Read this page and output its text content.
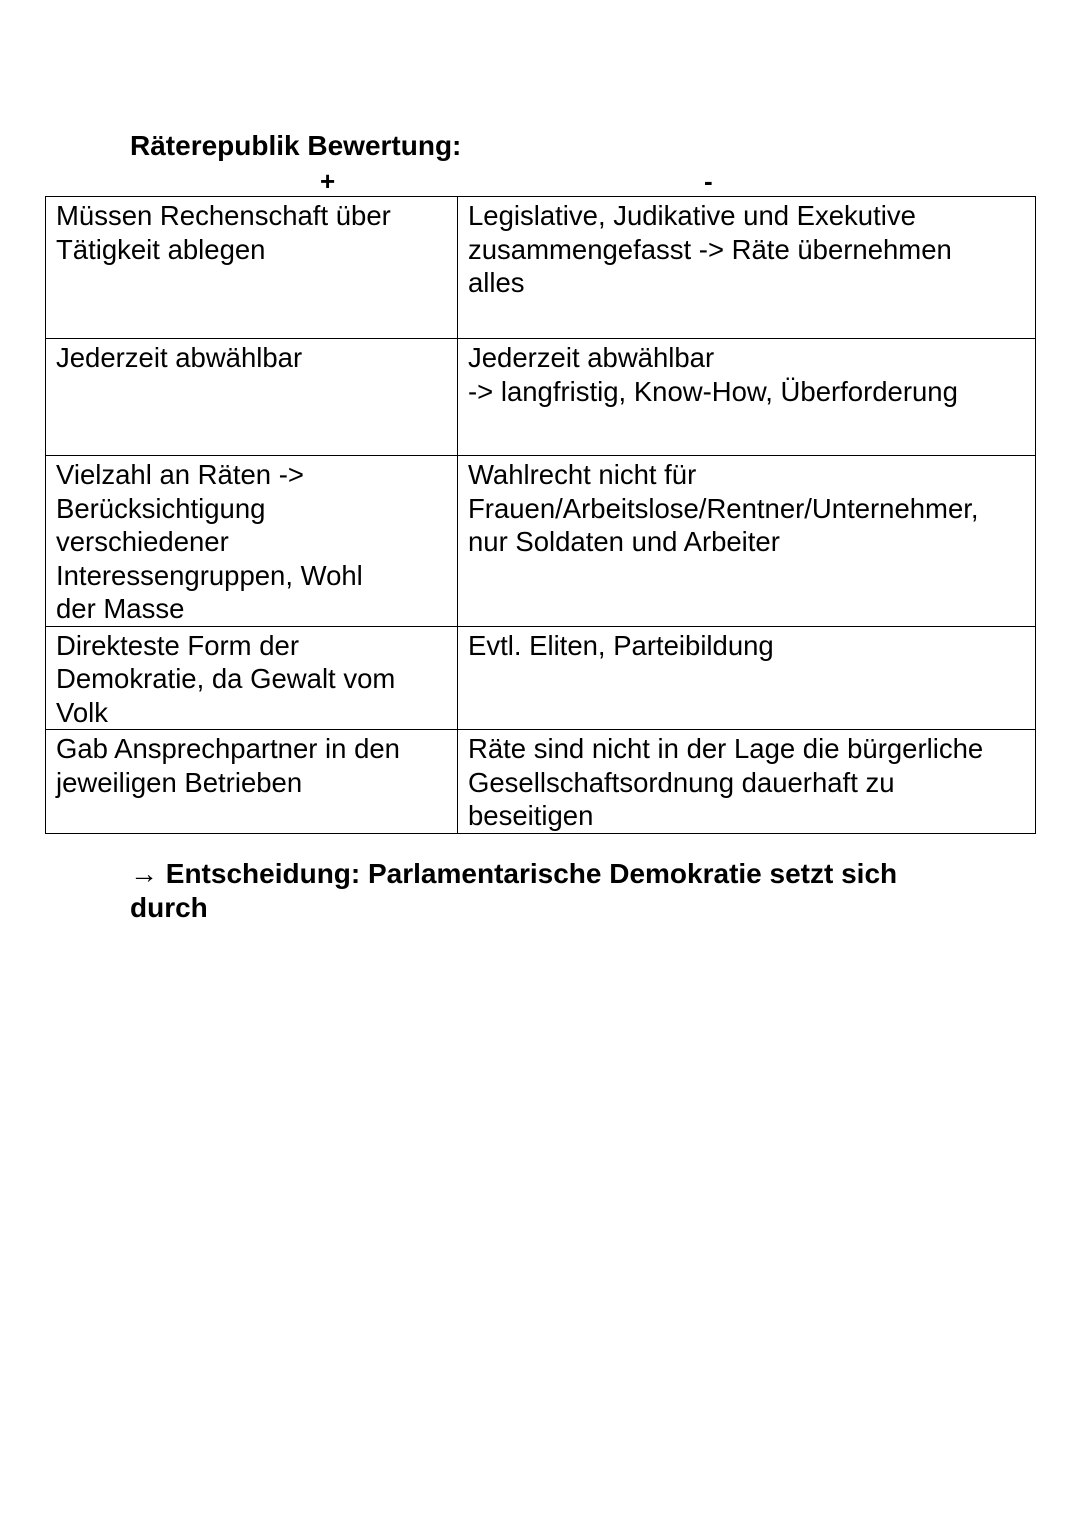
Räterepublik Bewertung:
+	-
Müssen Rechenschaft über
Tätigkeit ablegen	Legislative, Judikative und Exekutive
zusammengefasst -> Räte übernehmen
alles

Jederzeit abwählbar	Jederzeit abwählbar
-> langfristig, Know-How, Überforderung

Vielzahl an Räten ->
Berücksichtigung
verschiedener
Interessengruppen, Wohl
der Masse	Wahlrecht nicht für
Frauen/Arbeitslose/Rentner/Unternehmer,
nur Soldaten und Arbeiter

Direkteste Form der
Demokratie, da Gewalt vom
Volk	Evtl. Eliten, Parteibildung

Gab Ansprechpartner in den
jeweiligen Betrieben	Räte sind nicht in der Lage die bürgerliche
Gesellschaftsordnung dauerhaft zu
beseitigen
→ Entscheidung: Parlamentarische Demokratie setzt sich
durch
